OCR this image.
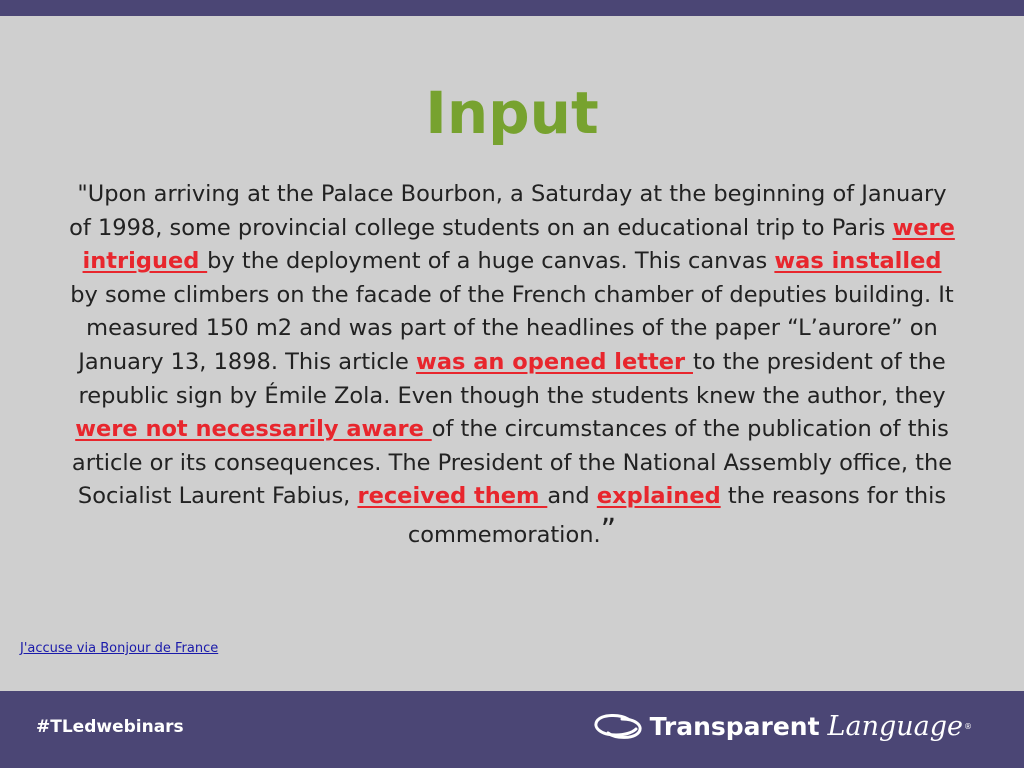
Input
"Upon arriving at the Palace Bourbon, a Saturday at the beginning of January of 1998, some provincial college students on an educational trip to Paris were intrigued by the deployment of a huge canvas. This canvas was installed by some climbers on the facade of the French chamber of deputies building. It measured 150 m2 and was part of the headlines of the paper “L’aurore” on January 13, 1898. This article was an opened letter to the president of the republic sign by Émile Zola. Even though the students knew the author, they were not necessarily aware of the circumstances of the publication of this article or its consequences. The President of the National Assembly office, the Socialist Laurent Fabius, received them and explained the reasons for this commemoration.”
J'accuse via Bonjour de France
#TLedwebinars	Transparent Language ®
